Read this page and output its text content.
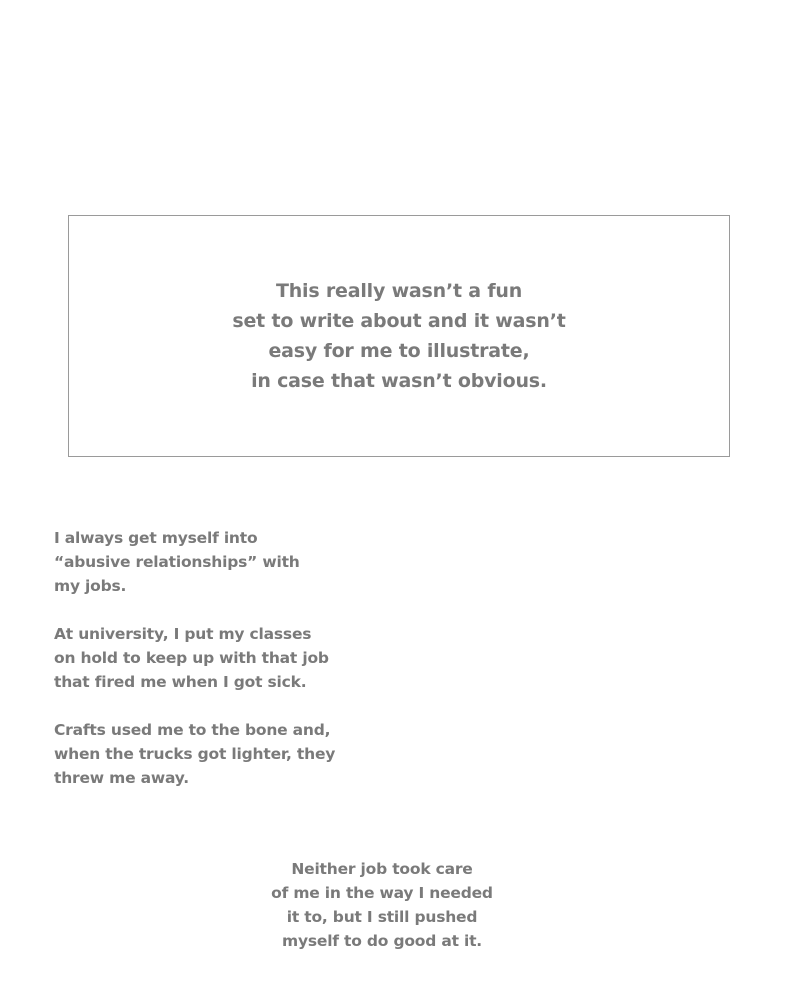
This really wasn’t a fun
set to write about and it wasn’t
easy for me to illustrate,
in case that wasn’t obvious.

I always get myself into
“abusive relationships” with
my jobs.

At university, I put my classes
on hold to keep up with that job
that fired me when I got sick.

Crafts used me to the bone and,
when the trucks got lighter, they
threw me away.

Neither job took care
of me in the way I needed
it to, but I still pushed
myself to do good at it.
